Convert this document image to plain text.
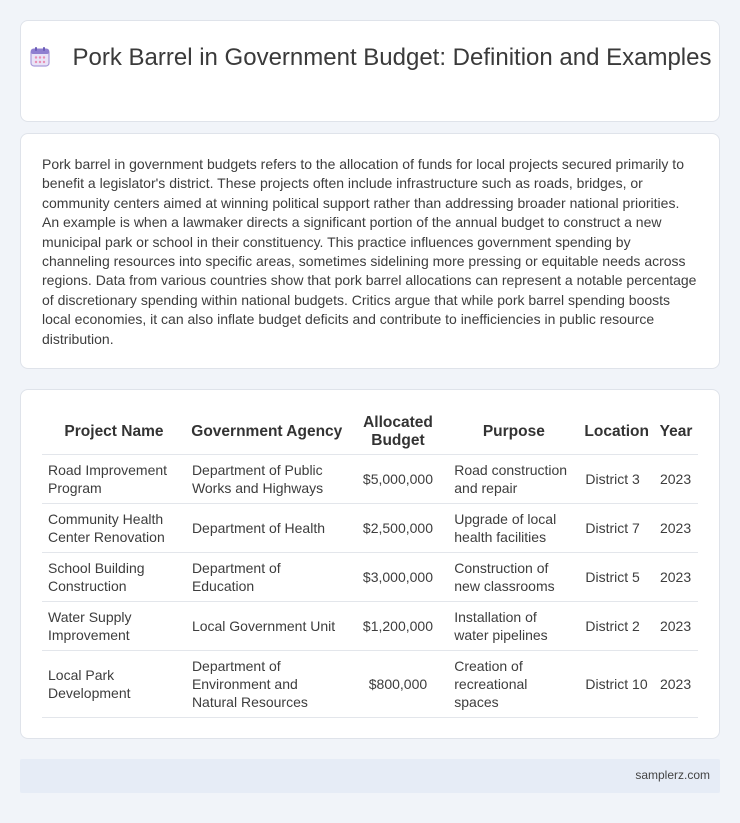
Pork Barrel in Government Budget: Definition and Examples

Pork barrel in government budgets refers to the allocation of funds for local projects secured primarily to benefit a legislator's district. These projects often include infrastructure such as roads, bridges, or community centers aimed at winning political support rather than addressing broader national priorities. An example is when a lawmaker directs a significant portion of the annual budget to construct a new municipal park or school in their constituency. This practice influences government spending by channeling resources into specific areas, sometimes sidelining more pressing or equitable needs across regions. Data from various countries show that pork barrel allocations can represent a notable percentage of discretionary spending within national budgets. Critics argue that while pork barrel spending boosts local economies, it can also inflate budget deficits and contribute to inefficiencies in public resource distribution.

Project Name	Government Agency	Allocated Budget	Purpose	Location	Year
Road Improvement Program	Department of Public Works and Highways	$5,000,000	Road construction and repair	District 3	2023
Community Health Center Renovation	Department of Health	$2,500,000	Upgrade of local health facilities	District 7	2023
School Building Construction	Department of Education	$3,000,000	Construction of new classrooms	District 5	2023
Water Supply Improvement	Local Government Unit	$1,200,000	Installation of water pipelines	District 2	2023
Local Park Development	Department of Environment and Natural Resources	$800,000	Creation of recreational spaces	District 10	2023
samplerz.com
